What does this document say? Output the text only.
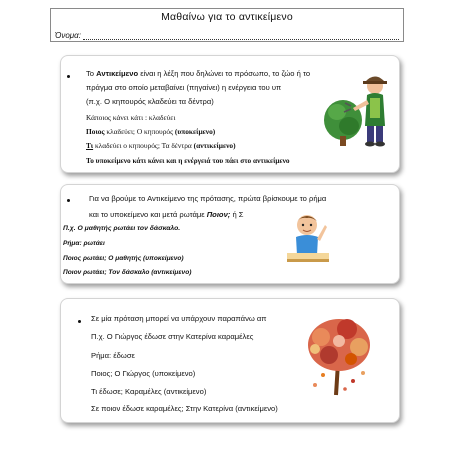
Μαθαίνω για το αντικείμενο
Όνομα:
Το Αντικείμενο είναι η λέξη που δηλώνει το πρόσωπο, το ζώο ή το
πράγμα στο οποίο μεταβαίνει (πηγαίνει) η ενέργεια του υπ
(π.χ. Ο κηπουρός κλαδεύει τα δέντρα)
Κάποιος κάνει κάτι : κλαδεύει
Ποιος κλαδεύει; Ο κηπουρός (υποκείμενο)
Τι κλαδεύει ο κηπουρός; Τα δέντρα (αντικείμενο)
Το υποκείμενο κάτι κάνει και η ενέργειά του πάει στο αντικείμενο
Για να βρούμε το Αντικείμενο της πρότασης, πρώτα βρίσκουμε το ρήμα
και το υποκείμενο και μετά ρωτάμε Ποιον; ή Σ
Π.χ. Ο μαθητής ρωτάει τον δάσκαλο.
Ρήμα: ρωτάει
Ποιος ρωτάει; Ο μαθητής (υποκείμενο)
Ποιον ρωτάει; Τον δάσκαλο (αντικείμενο)
Σε μία πρόταση μπορεί να υπάρχουν παραπάνω απ
Π.χ. Ο Γιώργος έδωσε στην Κατερίνα καραμέλες
Ρήμα: έδωσε
Ποιος; Ο Γιώργος (υποκείμενο)
Τι έδωσε; Καραμέλες (αντικείμενο)
Σε ποιον έδωσε καραμέλες; Στην Κατερίνα (αντικείμενο)
